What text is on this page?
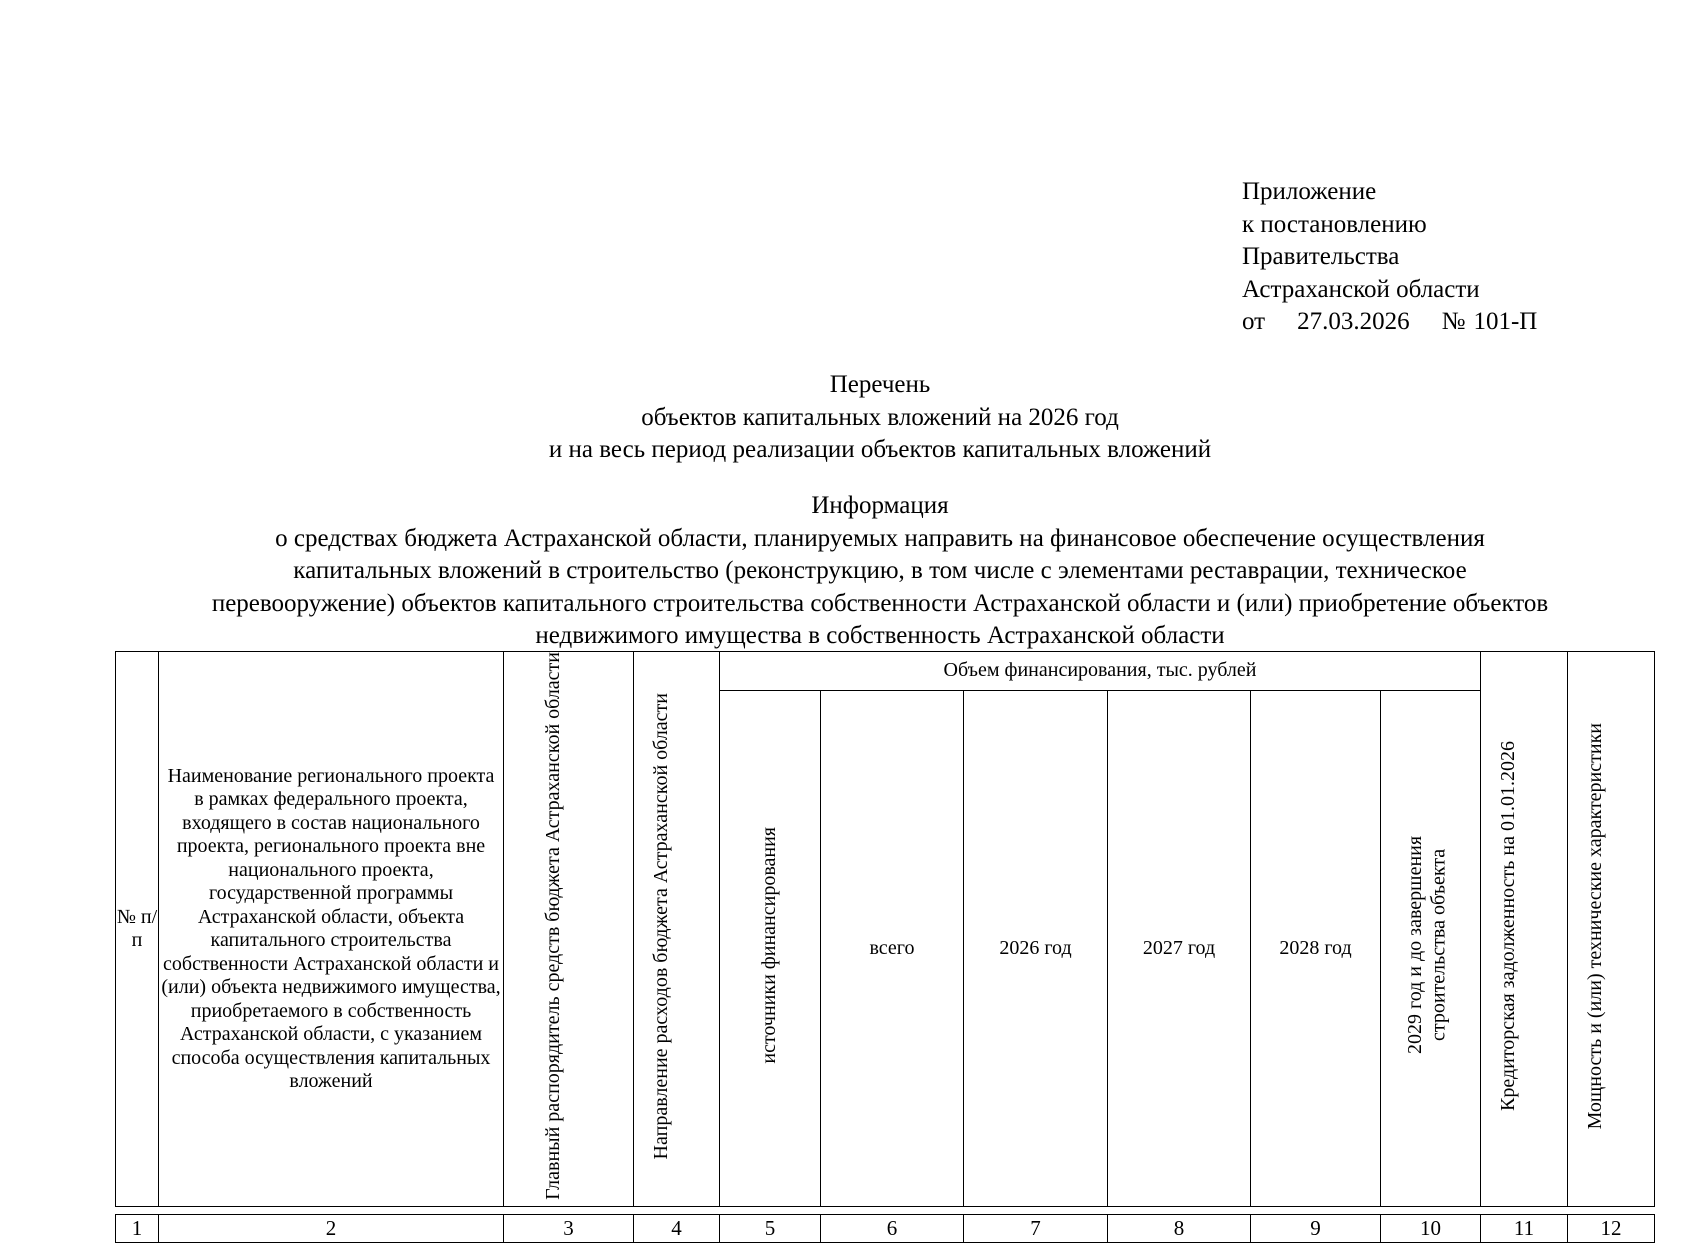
Приложение
к постановлению
Правительства
Астраханской области
от 27.03.2026 № 101-П
Перечень
объектов капитальных вложений на 2026 год
и на весь период реализации объектов капитальных вложений
Информация
о средствах бюджета Астраханской области, планируемых направить на финансовое обеспечение осуществления
капитальных вложений в строительство (реконструкцию, в том числе с элементами реставрации, техническое
перевооружение) объектов капитального строительства собственности Астраханской области и (или) приобретение объектов
недвижимого имущества в собственность Астраханской области
№ п/п	Наименование регионального проекта в рамках федерального проекта, входящего в состав национального проекта, регионального проекта вне национального проекта, государственной программы Астраханской области, объекта капитального строительства собственности Астраханской области и (или) объекта недвижимого имущества, приобретаемого в собственность Астраханской области, с указанием способа осуществления капитальных вложений	Главный распорядитель средств бюджета Астраханской области	Направление расходов бюджета Астраханской области	Объем финансирования, тыс. рублей						Кредиторская задолженность на 01.01.2026	Мощность и (или) технические характеристики
				источники финансирования	всего	2026 год	2027 год	2028 год	2029 год и до завершения строительства объекта		

1	2	3	4	5	6	7	8	9	10	11	12
